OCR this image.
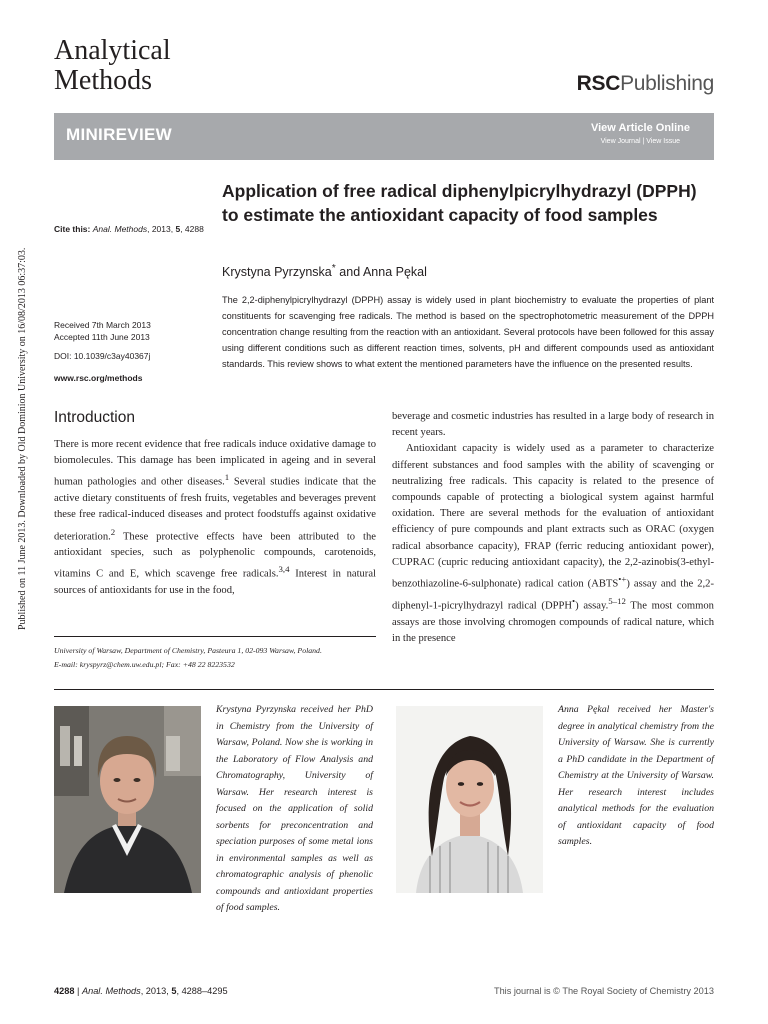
Analytical
Methods	RSCPublishing
MINIREVIEW	View Article Online
View Journal | View Issue
Published on 11 June 2013. Downloaded by Old Dominion University on 16/08/2013 06:37:03.
Application of free radical diphenylpicrylhydrazyl (DPPH) to estimate the antioxidant capacity of food samples
Krystyna Pyrzynska* and Anna Pękal
The 2,2-diphenylpicrylhydrazyl (DPPH) assay is widely used in plant biochemistry to evaluate the properties of plant constituents for scavenging free radicals. The method is based on the spectrophotometric measurement of the DPPH concentration change resulting from the reaction with an antioxidant. Several protocols have been followed for this assay using different conditions such as different reaction times, solvents, pH and different compounds used as antioxidant standards. This review shows to what extent the mentioned parameters have the influence on the presented results.
Cite this: Anal. Methods, 2013, 5, 4288
Received 7th March 2013
Accepted 11th June 2013
DOI: 10.1039/c3ay40367j
www.rsc.org/methods
Introduction

There is more recent evidence that free radicals induce oxidative damage to biomolecules. This damage has been implicated in ageing and in several human pathologies and other diseases.$^1$ Several studies indicate that the active dietary constituents of fresh fruits, vegetables and beverages prevent these free radical-induced diseases and protect foodstuffs against oxidative deterioration.$^2$ These protective effects have been attributed to the antioxidant species, such as polyphenolic compounds, carotenoids, vitamins C and E, which scavenge free radicals.$^{3,4}$ Interest in natural sources of antioxidants for use in the food,

beverage and cosmetic industries has resulted in a large body of research in recent years.

Antioxidant capacity is widely used as a parameter to characterize different substances and food samples with the ability of scavenging or neutralizing free radicals. This capacity is related to the presence of compounds capable of protecting a biological system against harmful oxidation. There are several methods for the evaluation of antioxidant efficiency of pure compounds and plant extracts such as ORAC (oxygen radical absorbance capacity), FRAP (ferric reducing antioxidant power), CUPRAC (cupric reducing antioxidant capacity), the 2,2-azinobis(3-ethyl-benzothiazoline-6-sulphonate) radical cation (ABTS•+) assay and the 2,2-diphenyl-1-picrylhydrazyl radical (DPPH•) assay.$^{5-12}$ The most common assays are those involving chromogen compounds of radical nature, which in the presence

University of Warsaw, Department of Chemistry, Pasteura 1, 02-093 Warsaw, Poland.
E-mail: kryspyrz@chem.uw.edu.pl; Fax: +48 22 8223532
Krystyna Pyrzynska received her PhD in Chemistry from the University of Warsaw, Poland. Now she is working in the Laboratory of Flow Analysis and Chromatography, University of Warsaw. Her research interest is focused on the application of solid sorbents for preconcentration and speciation purposes of some metal ions in environmental samples as well as chromatographic analysis of phenolic compounds and antioxidant properties of food samples.
Anna Pękal received her Master's degree in analytical chemistry from the University of Warsaw. She is currently a PhD candidate in the Department of Chemistry at the University of Warsaw. Her research interest includes analytical methods for the evaluation of antioxidant capacity of food samples.
4288 | Anal. Methods, 2013, 5, 4288–4295	This journal is © The Royal Society of Chemistry 2013
